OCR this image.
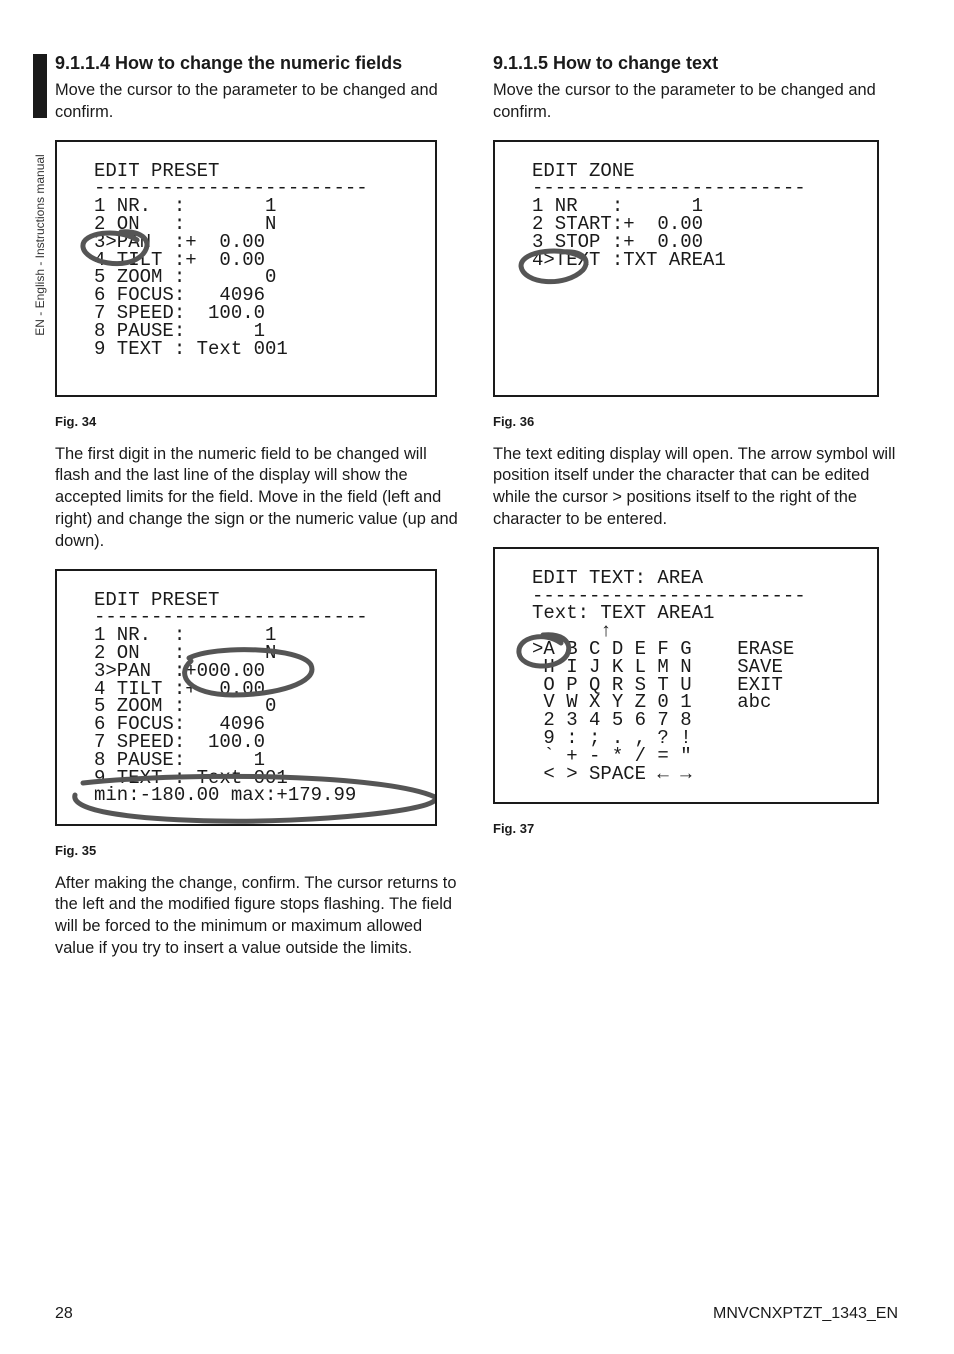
EN - English - Instructions manual
9.1.1.4 How to change the numeric fields

Move the cursor to the parameter to be changed and confirm.

EDIT PRESET
------------------------
1 NR.  :       1
2 ON   :       N
3>PAN  :+  0.00
4 TILT :+  0.00
5 ZOOM :       0
6 FOCUS:   4096
7 SPEED:  100.0
8 PAUSE:      1
9 TEXT : Text 001
Fig. 34

The first digit in the numeric field to be changed will flash and the last line of the display will show the accepted limits for the field. Move in the field (left and right) and change the sign or the numeric value (up and down).

EDIT PRESET
------------------------
1 NR.  :       1
2 ON   :       N
3>PAN  :+000.00
4 TILT :+  0.00
5 ZOOM :       0
6 FOCUS:   4096
7 SPEED:  100.0
8 PAUSE:      1
9 TEXT : Text 001
min:-180.00 max:+179.99
Fig. 35

After making the change, confirm. The cursor returns to the left and the modified figure stops flashing. The field will be forced to the minimum or maximum allowed value if you try to insert a value outside the limits.

9.1.1.5 How to change text

Move the cursor to the parameter to be changed and confirm.

EDIT ZONE
------------------------
1 NR   :      1
2 START:+  0.00
3 STOP :+  0.00
4>TEXT :TXT AREA1
Fig. 36

The text editing display will open. The arrow symbol will position itself under the character that can be edited while the cursor > positions itself to the right of the character to be entered.

EDIT TEXT: AREA
------------------------
Text: TEXT AREA1
↑
>A B C D E F G    ERASE
H I J K L M N    SAVE
O P Q R S T U    EXIT
V W X Y Z 0 1    abc
2 3 4 5 6 7 8
9 : ; . , ? !
` + - * / = "
< > SPACE ← →
Fig. 37
28	MNVCNXPTZT_1343_EN
